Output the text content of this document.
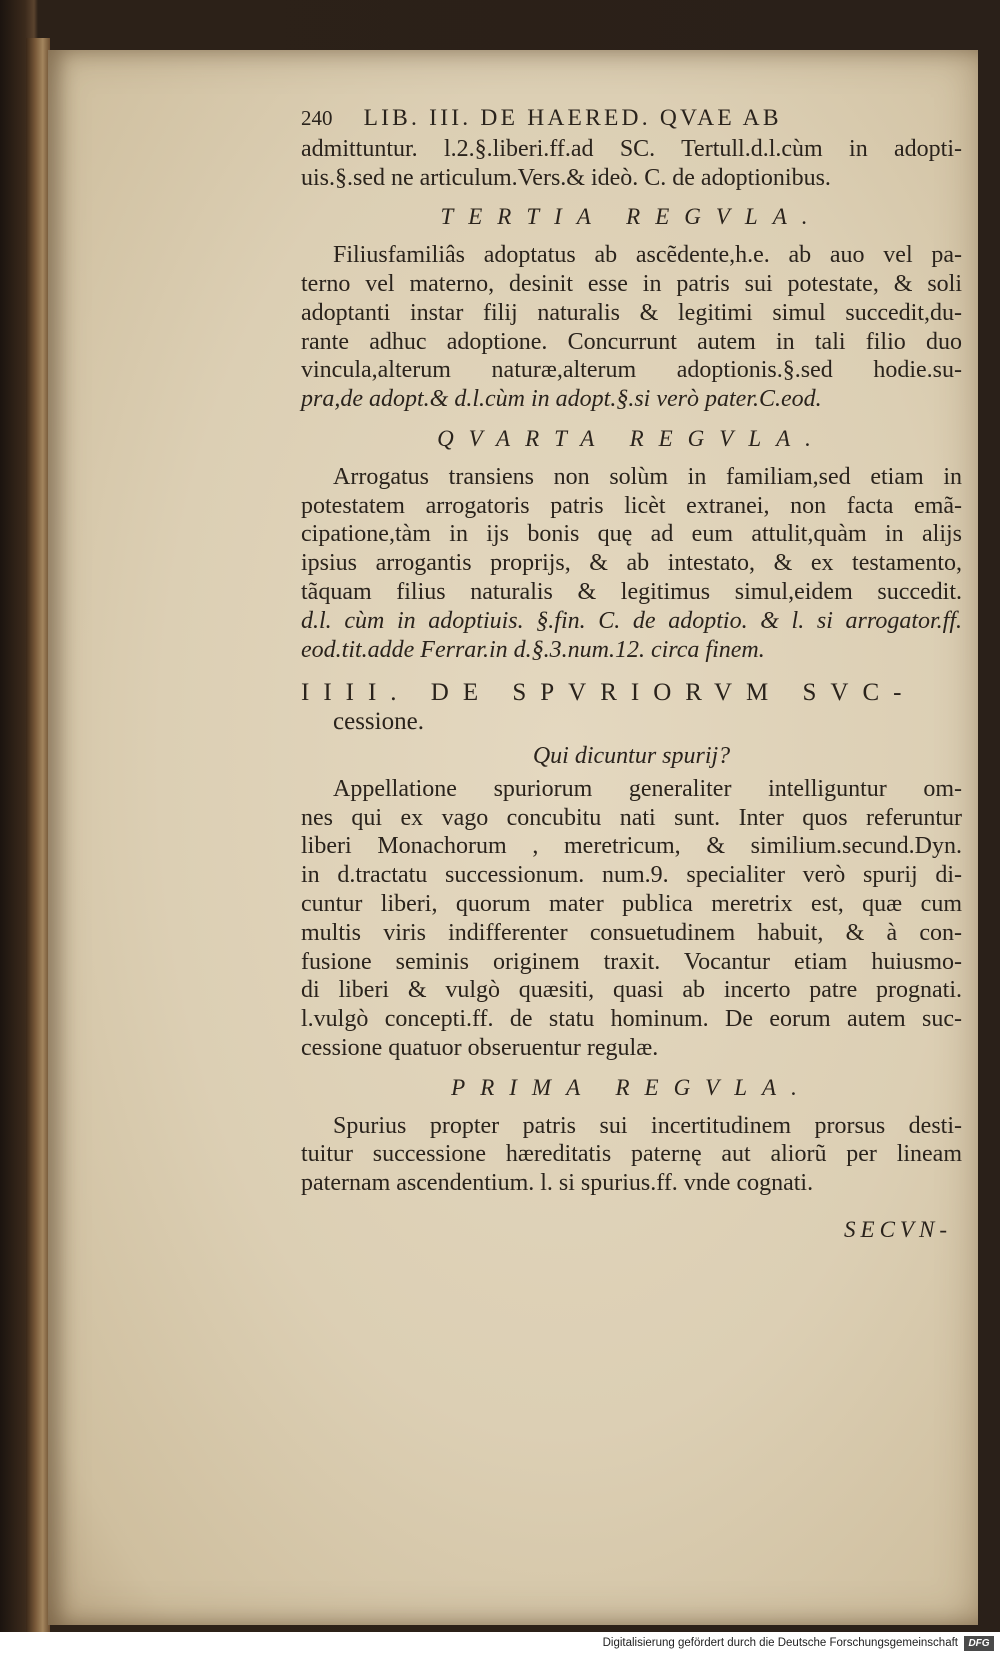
240 LIB. III. DE HAERED. QVAE AB
admittuntur. l.2.§.liberi.ff.ad SC. Tertull.d.l.cùm in adopti-
uis.§.sed ne articulum.Vers.& ideò. C. de adoptionibus.
TERTIA REGVLA.
Filiusfamiliâs adoptatus ab ascẽdente,h.e. ab auo vel pa-
terno vel materno, desinit esse in patris sui potestate, & soli
adoptanti instar filij naturalis & legitimi simul succedit,du-
rante adhuc adoptione. Concurrunt autem in tali filio duo
vincula,alterum naturæ,alterum adoptionis.§.sed hodie.su-
pra,de adopt.& d.l.cùm in adopt.§.si verò pater.C.eod.
QVARTA REGVLA.
Arrogatus transiens non solùm in familiam,sed etiam in
potestatem arrogatoris patris licèt extranei, non facta emã-
cipatione,tàm in ijs bonis quę ad eum attulit,quàm in alijs
ipsius arrogantis proprijs, & ab intestato, & ex testamento,
tãquam filius naturalis & legitimus simul,eidem succedit.
d.l. cùm in adoptiuis. §.fin. C. de adoptio. & l. si arrogator.ff.
eod.tit.adde Ferrar.in d.§.3.num.12. circa finem.
IIII. DE SPVRIORVM SVC-
cessione.
Qui dicuntur spurij?
Appellatione spuriorum generaliter intelliguntur om-
nes qui ex vago concubitu nati sunt. Inter quos referuntur
liberi Monachorum , meretricum, & similium.secund.Dyn.
in d.tractatu successionum. num.9. specialiter verò spurij di-
cuntur liberi, quorum mater publica meretrix est, quæ cum
multis viris indifferenter consuetudinem habuit, & à con-
fusione seminis originem traxit. Vocantur etiam huiusmo-
di liberi & vulgò quæsiti, quasi ab incerto patre prognati.
l.vulgò concepti.ff. de statu hominum. De eorum autem suc-
cessione quatuor obseruentur regulæ.
PRIMA REGVLA.
Spurius propter patris sui incertitudinem prorsus desti-
tuitur successione hæreditatis paternę aut aliorũ per lineam
paternam ascendentium. l. si spurius.ff. vnde cognati.
SECVN-
Digitalisierung gefördert durch die Deutsche Forschungsgemeinschaft	DFG
